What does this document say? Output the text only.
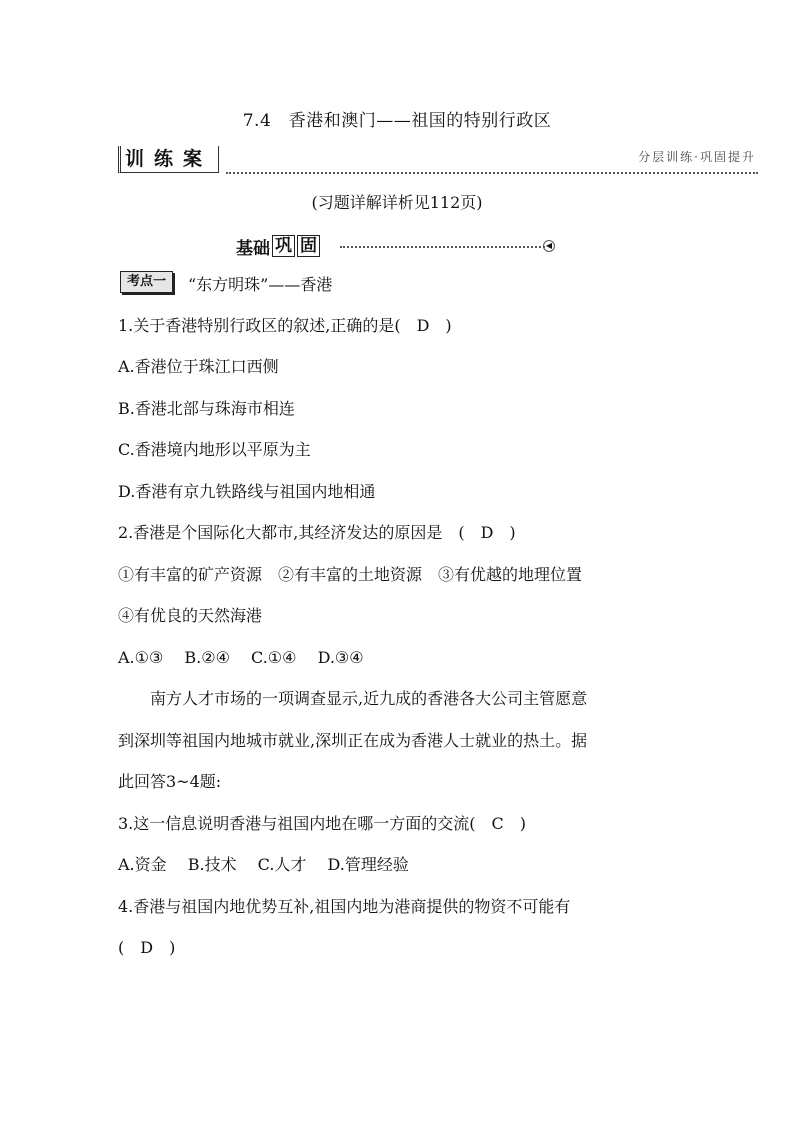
7.4　香港和澳门——祖国的特别行政区
训练案	分层训练·巩固提升
(习题详解详析见112页)
基础 巩 固	◀
考点一	“东方明珠”——香港
1.关于香港特别行政区的叙述,正确的是(　D　)
A.香港位于珠江口西侧
B.香港北部与珠海市相连
C.香港境内地形以平原为主
D.香港有京九铁路线与祖国内地相通
2.香港是个国际化大都市,其经济发达的原因是　(　D　)
①有丰富的矿产资源　②有丰富的土地资源　③有优越的地理位置
④有优良的天然海港
A.①③　 B.②④　 C.①④　 D.③④
　　南方人才市场的一项调查显示,近九成的香港各大公司主管愿意
到深圳等祖国内地城市就业,深圳正在成为香港人士就业的热土。据
此回答3~4题:
3.这一信息说明香港与祖国内地在哪一方面的交流(　C　)
A.资金　 B.技术　 C.人才　 D.管理经验
4.香港与祖国内地优势互补,祖国内地为港商提供的物资不可能有
(　D　)
